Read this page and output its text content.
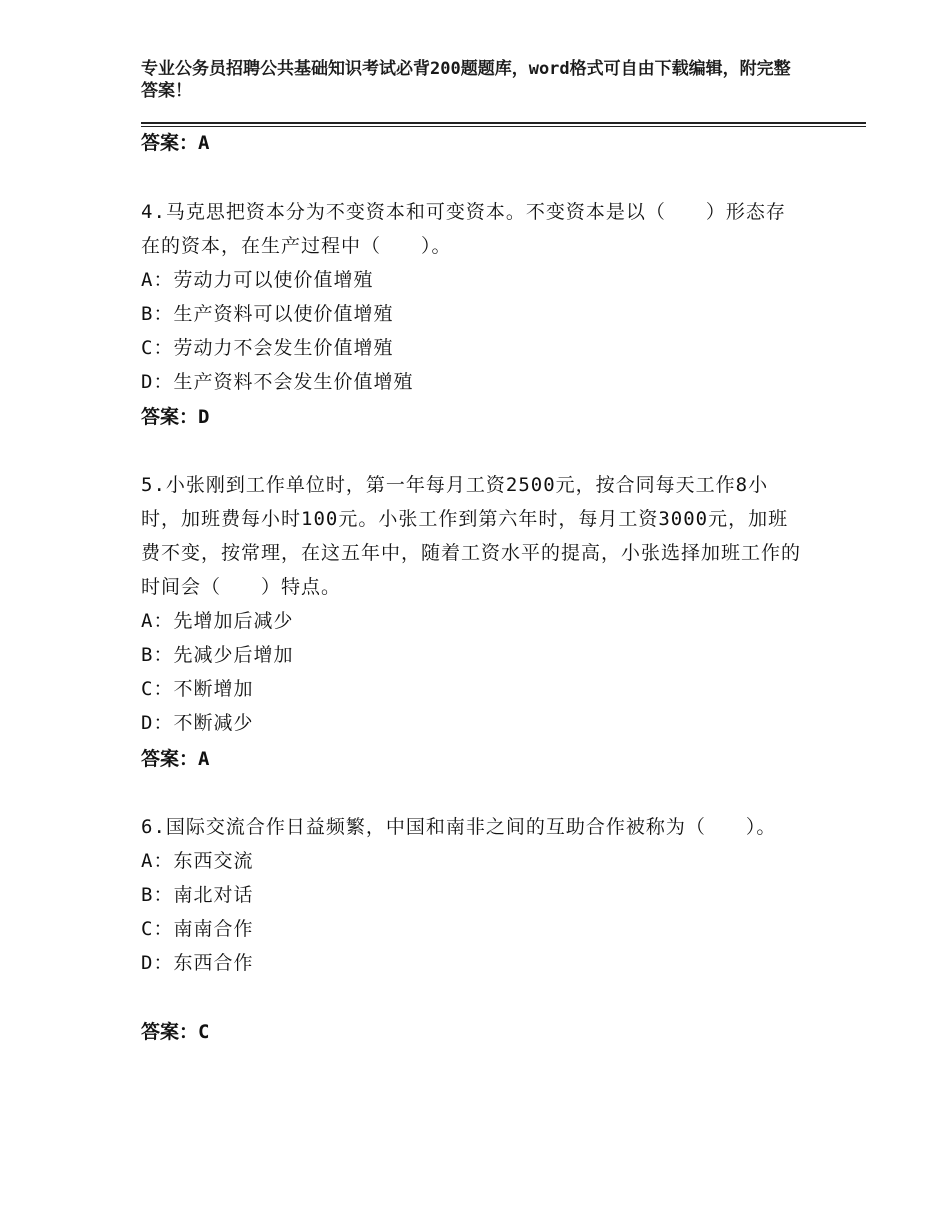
专业公务员招聘公共基础知识考试必背200题题库，word格式可自由下载编辑，附完整答案！
答案：A
4.马克思把资本分为不变资本和可变资本。不变资本是以（　　）形态存在的资本，在生产过程中（　　）。
A：劳动力可以使价值增殖
B：生产资料可以使价值增殖
C：劳动力不会发生价值增殖
D：生产资料不会发生价值增殖
答案：D
5.小张刚到工作单位时，第一年每月工资2500元，按合同每天工作8小时，加班费每小时100元。小张工作到第六年时，每月工资3000元，加班费不变，按常理，在这五年中，随着工资水平的提高，小张选择加班工作的时间会（　　）特点。
A：先增加后减少
B：先减少后增加
C：不断增加
D：不断减少
答案：A
6.国际交流合作日益频繁，中国和南非之间的互助合作被称为（　　）。
A：东西交流
B：南北对话
C：南南合作
D：东西合作
答案：C
